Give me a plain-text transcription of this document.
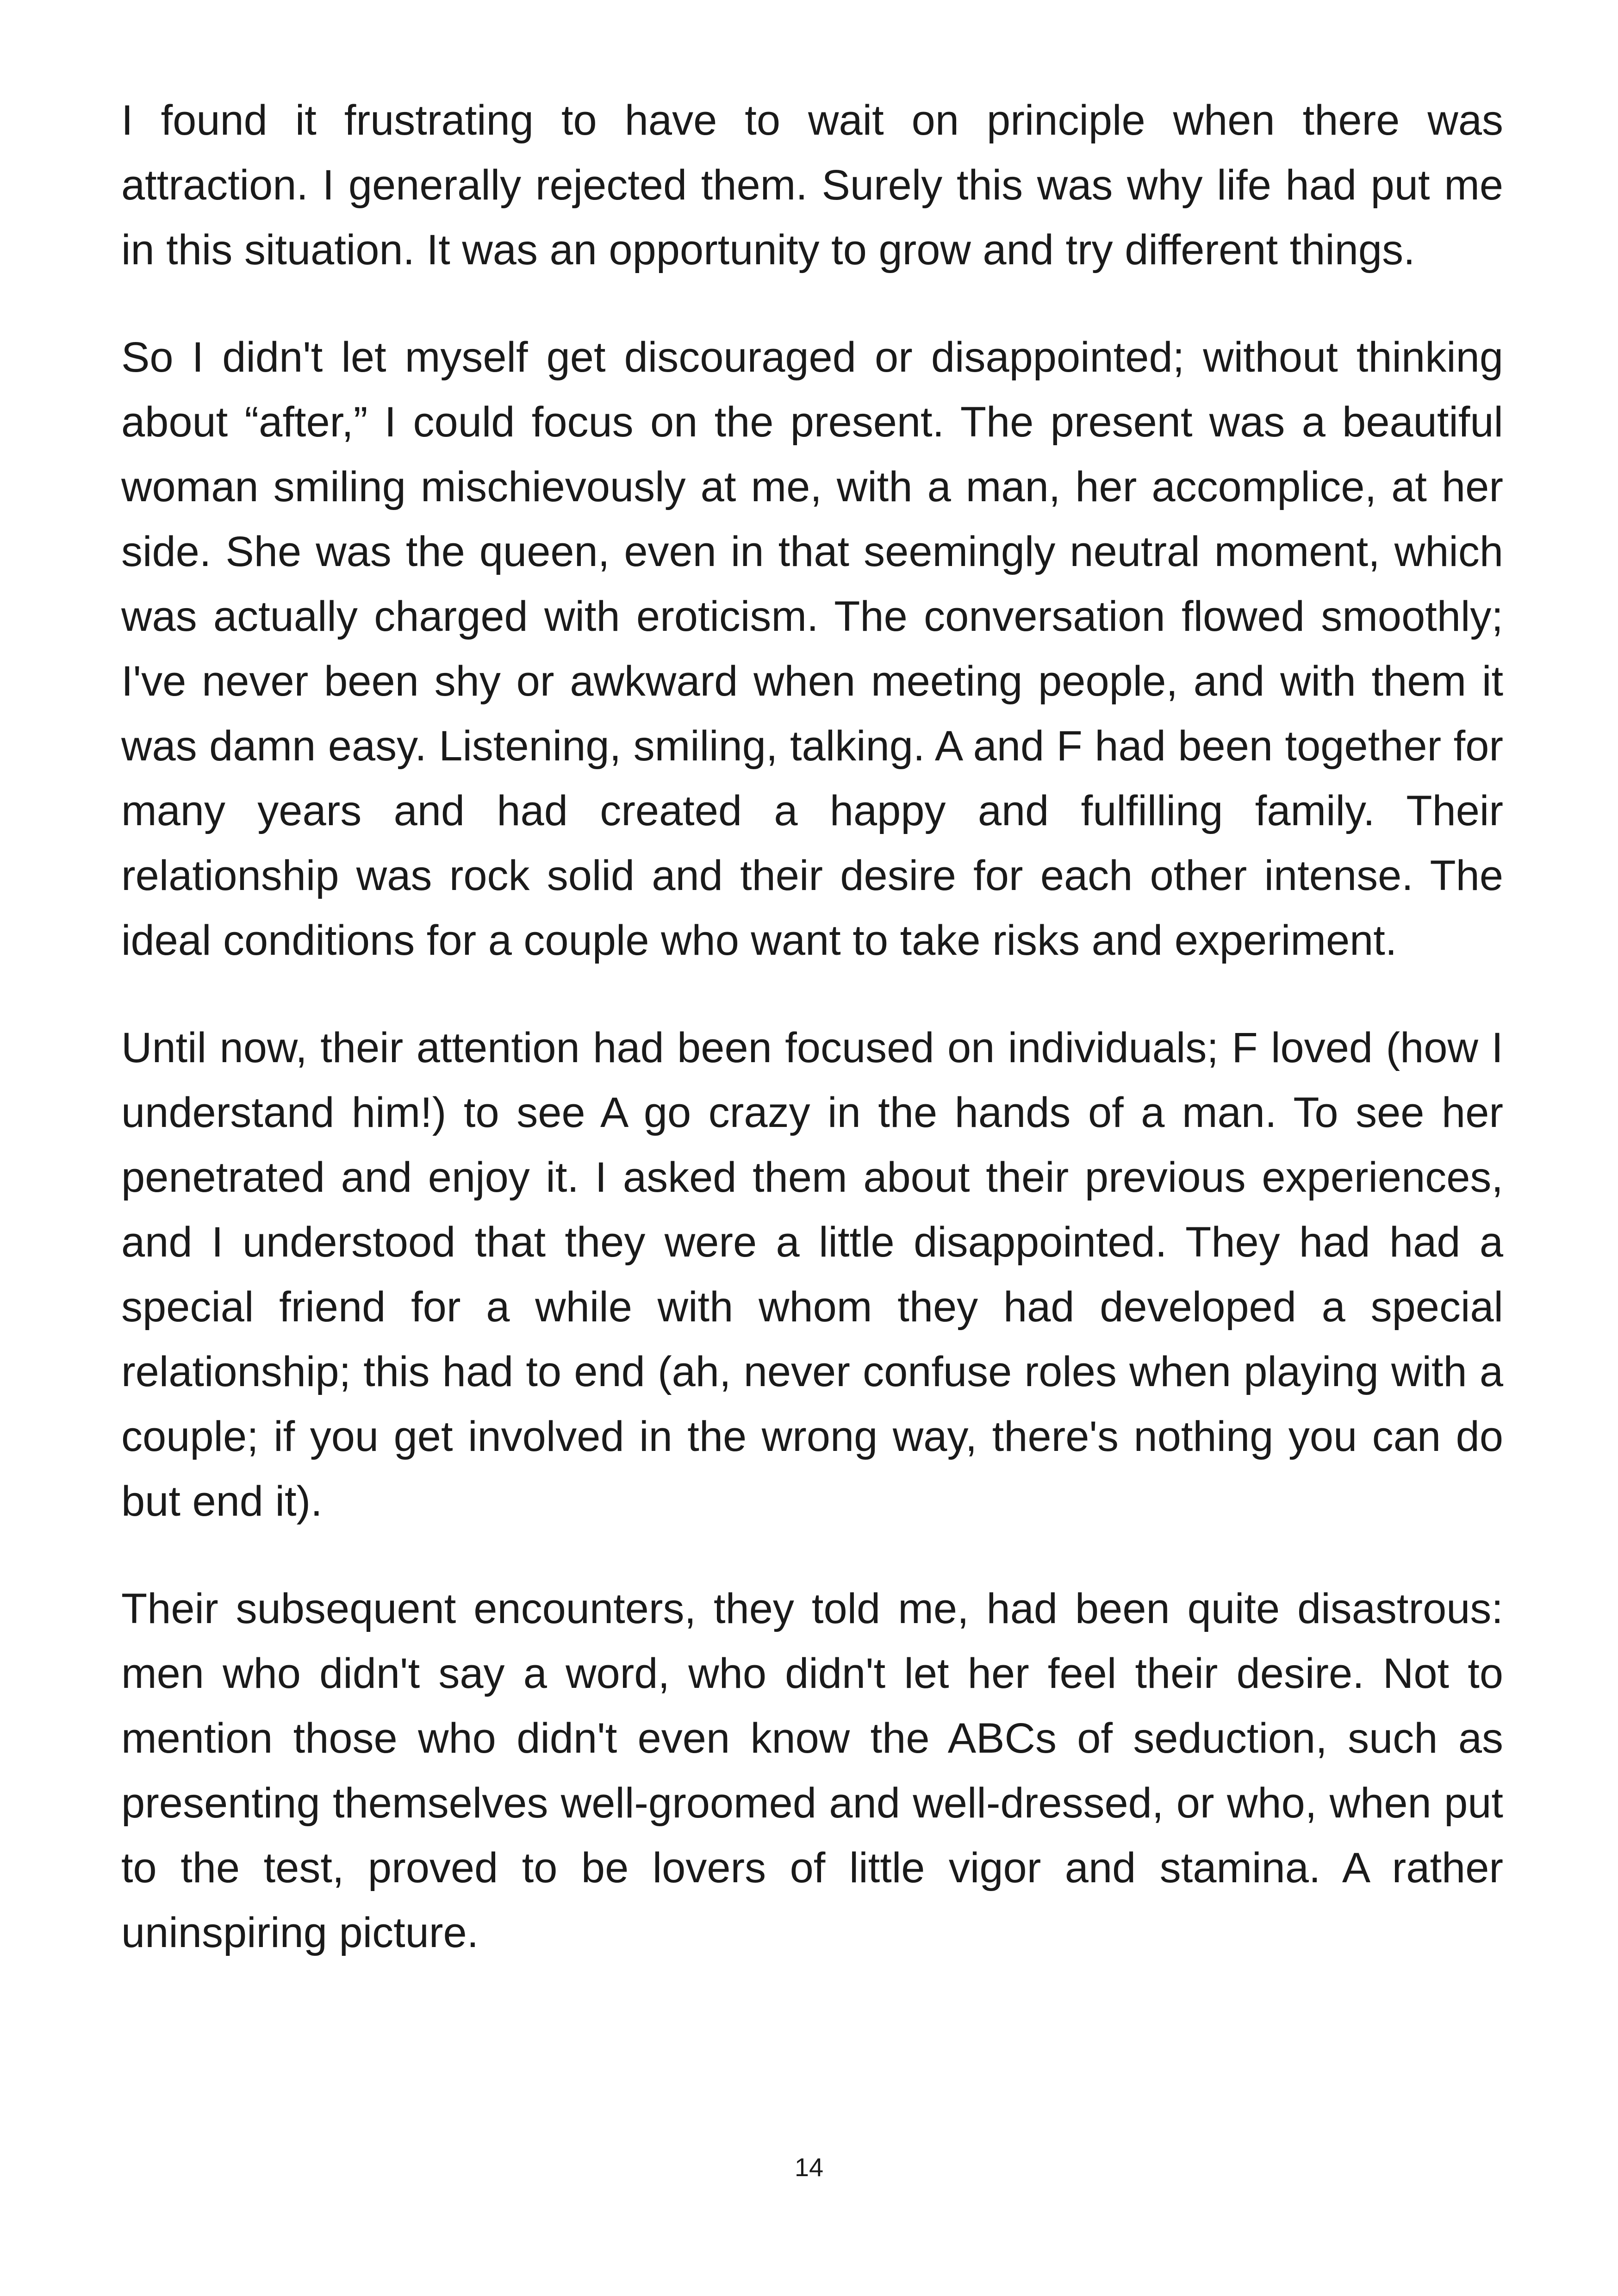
I found it frustrating to have to wait on principle when there was attraction. I generally rejected them. Surely this was why life had put me in this situation. It was an opportunity to grow and try different things.

So I didn't let myself get discouraged or disappointed; without thinking about “after,” I could focus on the present. The present was a beautiful woman smiling mischievously at me, with a man, her accomplice, at her side. She was the queen, even in that seemingly neutral moment, which was actually charged with eroticism. The conversation flowed smoothly; I've never been shy or awkward when meeting people, and with them it was damn easy. Listening, smiling, talking. A and F had been together for many years and had created a happy and fulfilling family. Their relationship was rock solid and their desire for each other intense. The ideal conditions for a couple who want to take risks and experiment.

Until now, their attention had been focused on individuals; F loved (how I understand him!) to see A go crazy in the hands of a man. To see her penetrated and enjoy it. I asked them about their previous experiences, and I understood that they were a little disappointed. They had had a special friend for a while with whom they had developed a special relationship; this had to end (ah, never confuse roles when playing with a couple; if you get involved in the wrong way, there's nothing you can do but end it).

Their subsequent encounters, they told me, had been quite disastrous: men who didn't say a word, who didn't let her feel their desire. Not to mention those who didn't even know the ABCs of seduction, such as presenting themselves well-groomed and well-dressed, or who, when put to the test, proved to be lovers of little vigor and stamina. A rather uninspiring picture.

14
